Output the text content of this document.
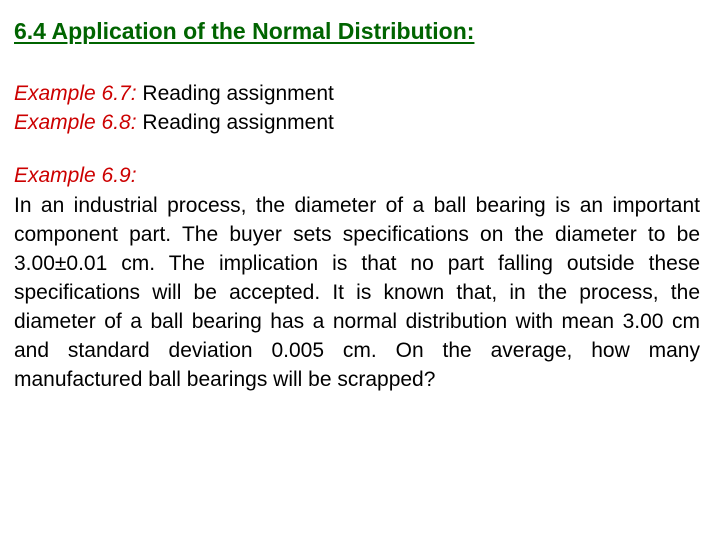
6.4 Application of the Normal Distribution:
Example 6.7: Reading assignment
Example 6.8: Reading assignment
Example 6.9:

In an industrial process, the diameter of a ball bearing is an important component part. The buyer sets specifications on the diameter to be 3.00±0.01 cm. The implication is that no part falling outside these specifications will be accepted. It is known that, in the process, the diameter of a ball bearing has a normal distribution with mean 3.00 cm and standard deviation 0.005 cm. On the average, how many manufactured ball bearings will be scrapped?
